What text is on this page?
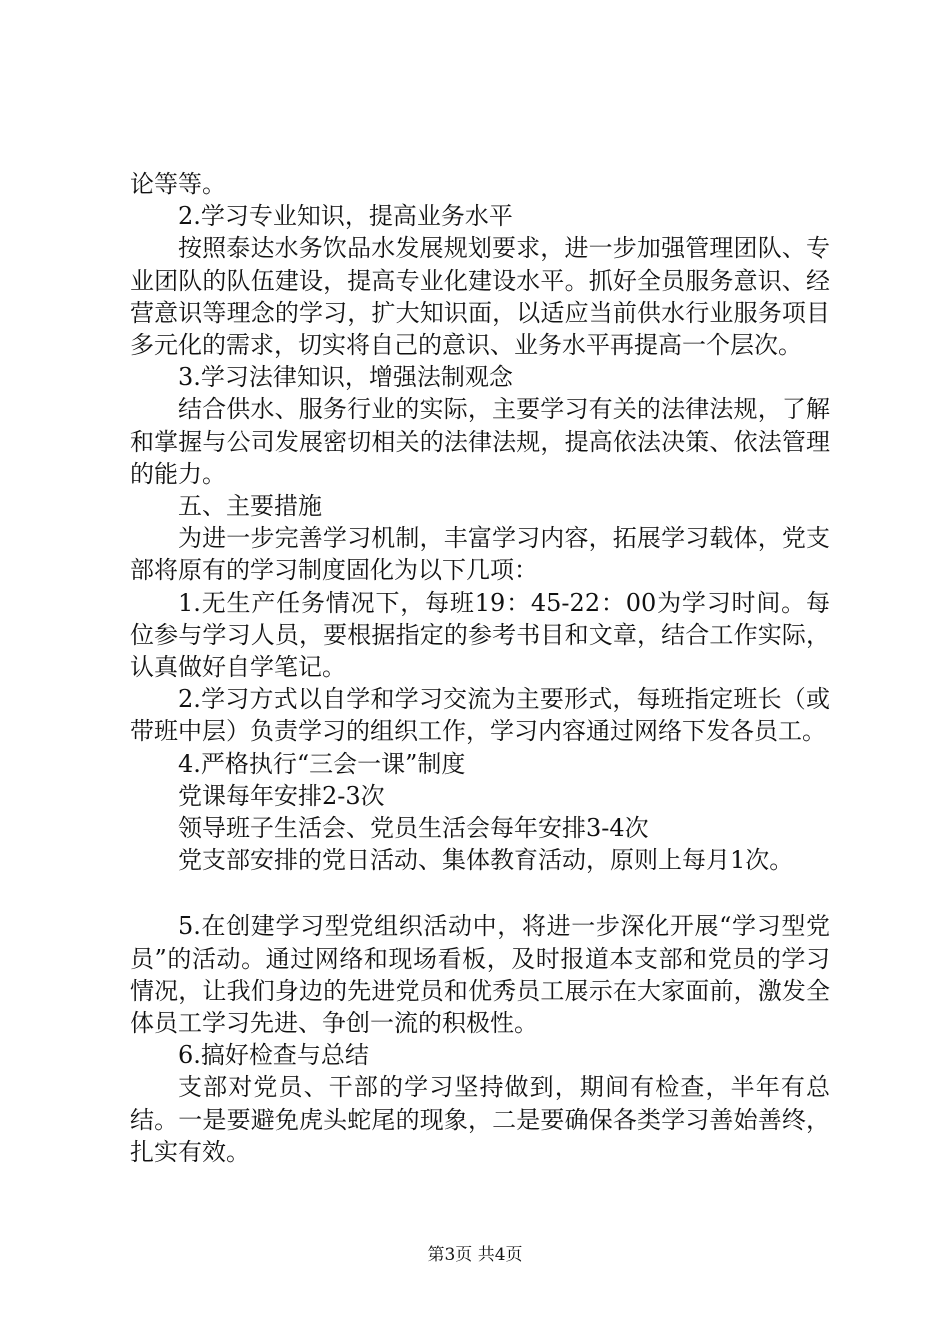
论等等。

2.学习专业知识，提高业务水平

按照泰达水务饮品水发展规划要求，进一步加强管理团队、专业团队的队伍建设，提高专业化建设水平。抓好全员服务意识、经营意识等理念的学习，扩大知识面，以适应当前供水行业服务项目多元化的需求，切实将自己的意识、业务水平再提高一个层次。

3.学习法律知识，增强法制观念

结合供水、服务行业的实际，主要学习有关的法律法规，了解和掌握与公司发展密切相关的法律法规，提高依法决策、依法管理的能力。

五、主要措施

为进一步完善学习机制，丰富学习内容，拓展学习载体，党支部将原有的学习制度固化为以下几项：

1.无生产任务情况下，每班19：45-22：00为学习时间。每位参与学习人员，要根据指定的参考书目和文章，结合工作实际，认真做好自学笔记。

2.学习方式以自学和学习交流为主要形式，每班指定班长（或带班中层）负责学习的组织工作，学习内容通过网络下发各员工。

4.严格执行“三会一课”制度

党课每年安排2-3次

领导班子生活会、党员生活会每年安排3-4次

党支部安排的党日活动、集体教育活动，原则上每月1次。

5.在创建学习型党组织活动中，将进一步深化开展“学习型党员”的活动。通过网络和现场看板，及时报道本支部和党员的学习情况，让我们身边的先进党员和优秀员工展示在大家面前，激发全体员工学习先进、争创一流的积极性。

6.搞好检查与总结

支部对党员、干部的学习坚持做到，期间有检查，半年有总结。一是要避免虎头蛇尾的现象，二是要确保各类学习善始善终，扎实有效。

第3页 共4页
